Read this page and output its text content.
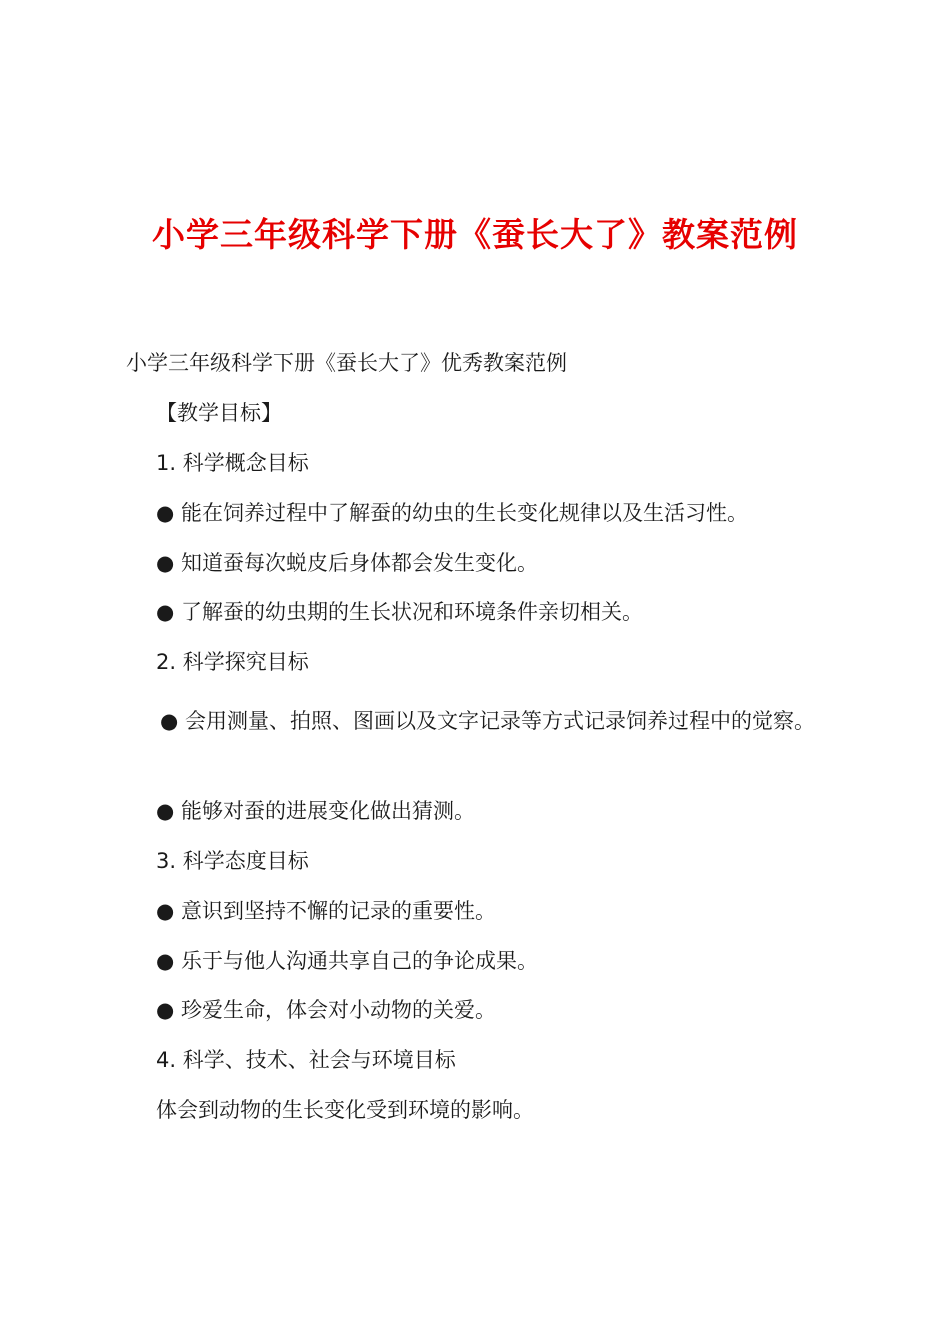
小学三年级科学下册《蚕长大了》教案范例

小学三年级科学下册《蚕长大了》优秀教案范例

【教学目标】

1. 科学概念目标

● 能在饲养过程中了解蚕的幼虫的生长变化规律以及生活习性。

● 知道蚕每次蜕皮后身体都会发生变化。

● 了解蚕的幼虫期的生长状况和环境条件亲切相关。

2. 科学探究目标

● 会用测量、拍照、图画以及文字记录等方式记录饲养过程中的觉察。

● 能够对蚕的进展变化做出猜测。

3. 科学态度目标

● 意识到坚持不懈的记录的重要性。

● 乐于与他人沟通共享自己的争论成果。

● 珍爱生命，体会对小动物的关爱。

4. 科学、技术、社会与环境目标

体会到动物的生长变化受到环境的影响。
